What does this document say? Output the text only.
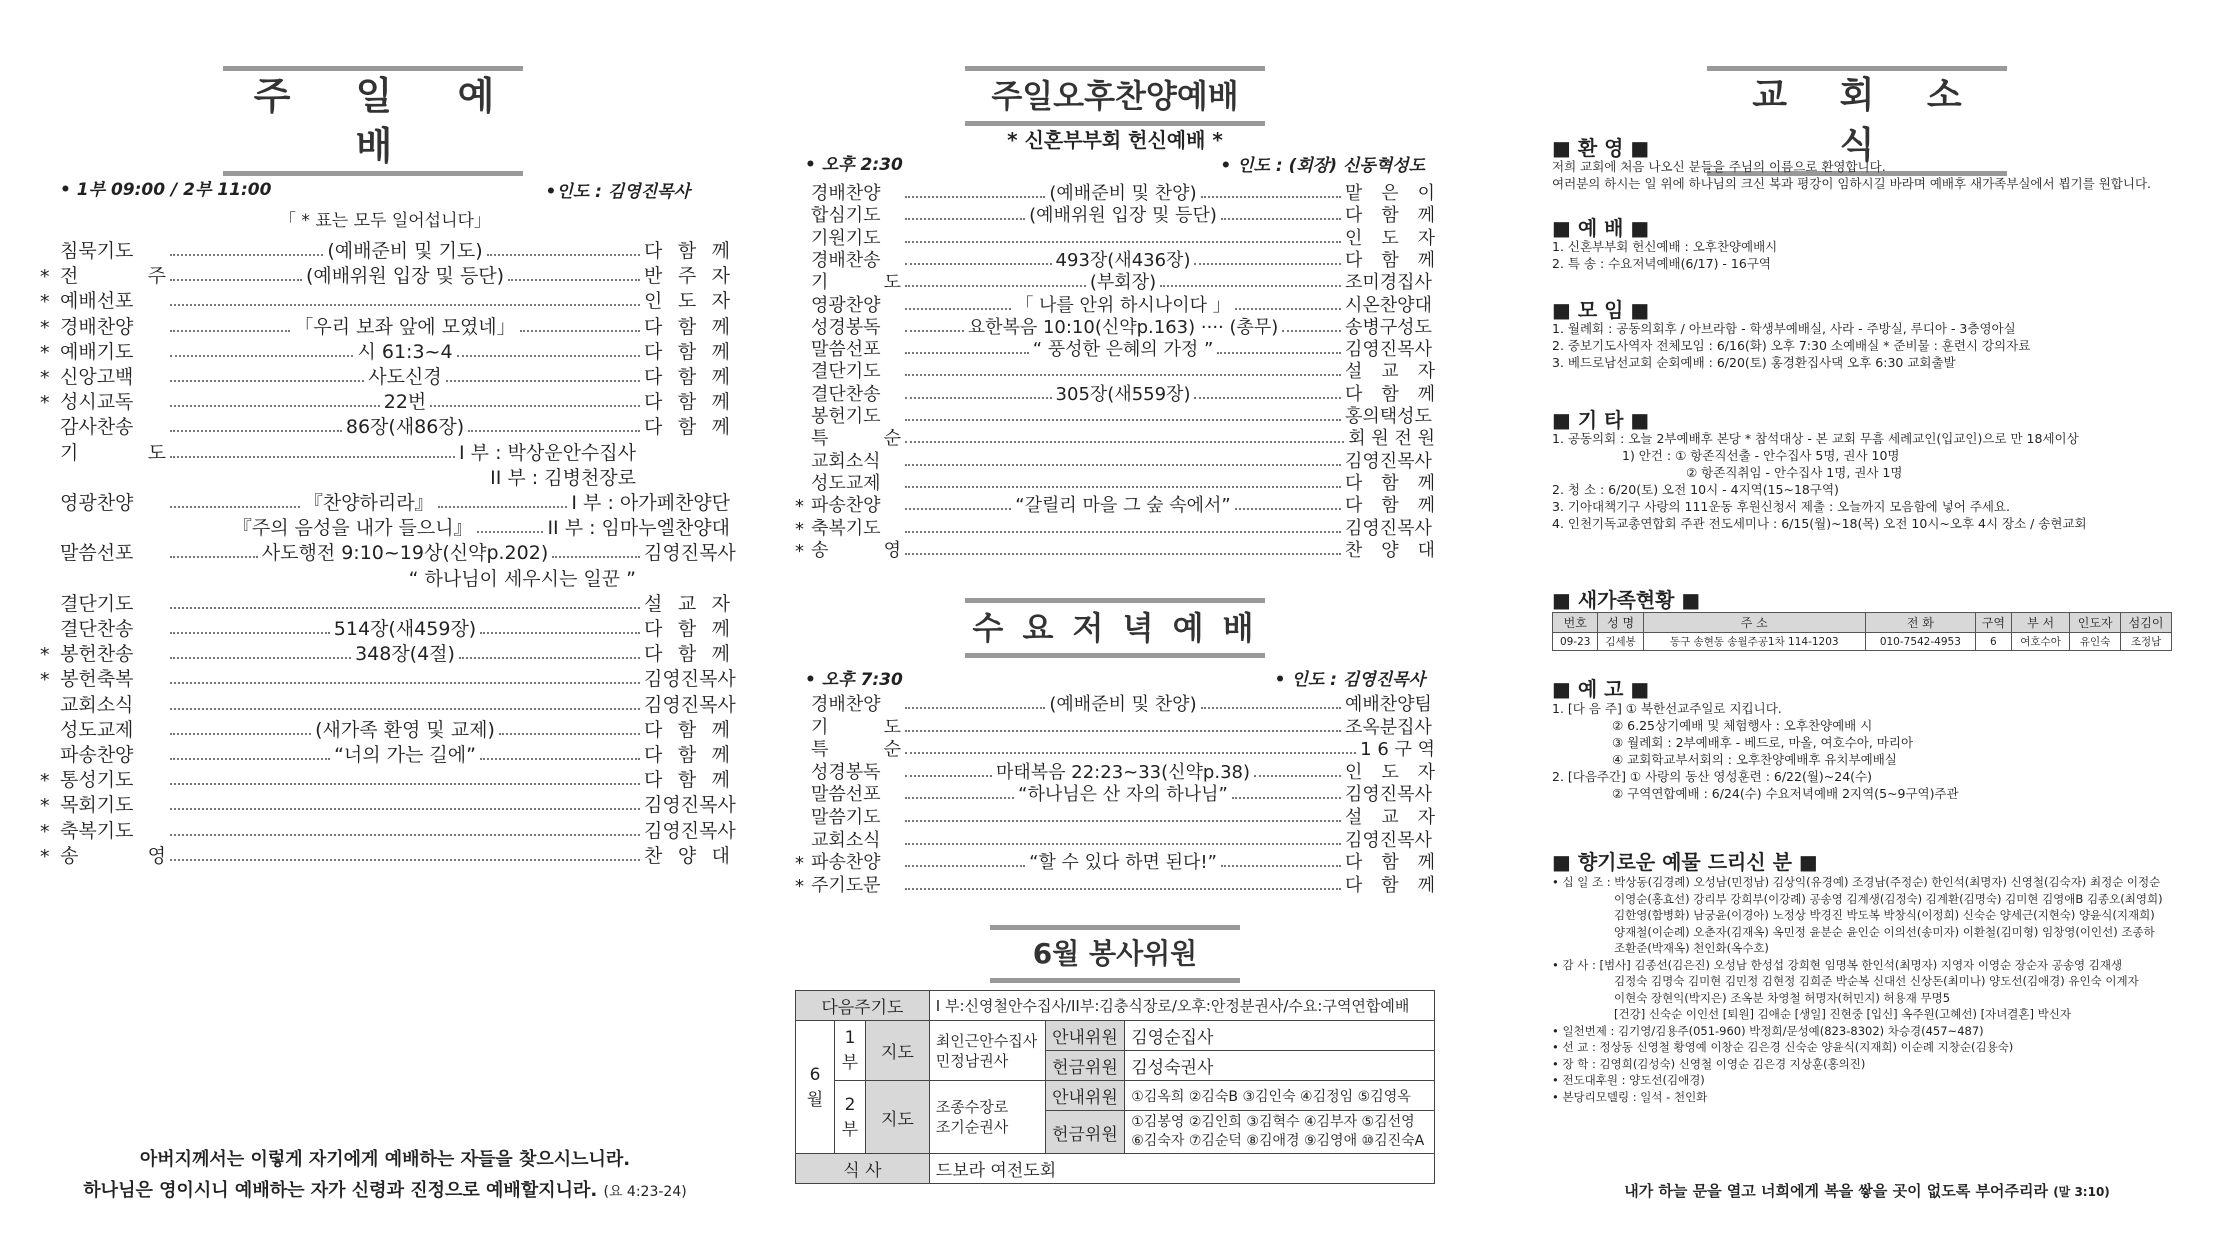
주 일 예 배
• 1부 09:00 / 2부 11:00	•인도 : 김영진목사
「 * 표는 모두 일어섭니다」
침묵기도	(예배준비 및 기도)	다 함 께
* 전 주	(예배위원 입장 및 등단)	반 주 자
* 예배선포	인 도 자
* 경배찬양	「우리 보좌 앞에 모였네」	다 함 께
* 예배기도	시 61:3~4	다 함 께
* 신앙고백	사도신경	다 함 께
* 성시교독	22번	다 함 께
감사찬송	86장(새86장)	다 함 께
기 도	I 부 : 박상운안수집사
II 부 : 김병천장로
영광찬양	『찬양하리라』	I 부 : 아가페찬양단
『주의 음성을 내가 들으니』	II 부 : 임마누엘찬양대
말씀선포	사도행전 9:10~19상(신약p.202)	김영진목사
“ 하나님이 세우시는 일꾼 ”
결단기도	설 교 자
결단찬송	514장(새459장)	다 함 께
* 봉헌찬송	348장(4절)	다 함 께
* 봉헌축복	김영진목사
교회소식	김영진목사
성도교제	(새가족 환영 및 교제)	다 함 께
파송찬양	“너의 가는 길에”	다 함 께
* 통성기도	다 함 께
* 목회기도	김영진목사
* 축복기도	김영진목사
* 송 영	찬 양 대
아버지께서는 이렇게 자기에게 예배하는 자들을 찾으시느니라.
하나님은 영이시니 예배하는 자가 신령과 진정으로 예배할지니라. (요 4:23-24)
주일오후찬양예배
* 신혼부부회 헌신예배 *
• 오후 2:30	• 인도 : (회장) 신동혁성도
경배찬양	(예배준비 및 찬양)	맡 은 이
합심기도	(예배위원 입장 및 등단)	다 함 께
기원기도	인 도 자
경배찬송	493장(새436장)	다 함 께
기 도	(부회장)	조미경집사
영광찬양	「 나를 안위 하시나이다 」	시온찬양대
성경봉독	요한복음 10:10(신약p.163) ···· (총무)	송병구성도
말씀선포	“ 풍성한 은혜의 가정 ”	김영진목사
결단기도	설 교 자
결단찬송	305장(새559장)	다 함 께
봉헌기도	홍의택성도
특 순	회 원 전 원
교회소식	김영진목사
성도교제	다 함 께
* 파송찬양	“갈릴리 마을 그 숲 속에서”	다 함 께
* 축복기도	김영진목사
* 송 영	찬 양 대
수 요 저 녁 예 배
• 오후 7:30	• 인도 : 김영진목사
경배찬양	(예배준비 및 찬양)	예배찬양팀
기 도	조옥분집사
특 순	1 6 구 역
성경봉독	마태복음 22:23~33(신약p.38)	인 도 자
말씀선포	“하나님은 산 자의 하나님”	김영진목사
말씀기도	설 교 자
교회소식	김영진목사
* 파송찬양	“할 수 있다 하면 된다!”	다 함 께
* 주기도문	다 함 께
6월 봉사위원
다음주기도			I 부:신영철안수집사/II부:김충식장로/오후:안정분권사/수요:구역연합예배		
6월	1부	지도	최인근안수집사
민정남권사	안내위원	김영순집사
				헌금위원	김성숙권사
	2부	지도	조종수장로
조기순권사	안내위원	①김옥희 ②김숙B ③김인숙 ④김정임 ⑤김영옥
				헌금위원	①김봉영 ②김인희 ③김혁수 ④김부자 ⑤김선영
⑥김숙자 ⑦김순덕 ⑧김애경 ⑨김영애 ⑩김진숙A

식 사			드보라 여전도회		
교 회 소 식
■ 환 영 ■
저희 교회에 처음 나오신 분들을 주님의 이름으로 환영합니다.
여러분의 하시는 일 위에 하나님의 크신 복과 평강이 임하시길 바라며 예배후 새가족부실에서 뵙기를 원합니다.
■ 예 배 ■
1. 신혼부부회 헌신예배 : 오후찬양예배시
2. 특 송 : 수요저녁예배(6/17) - 16구역
■ 모 임 ■
1. 월례회 : 공동의회후 / 아브라함 - 학생부예배실, 사라 - 주방실, 루디아 - 3층영아실
2. 중보기도사역자 전체모임 : 6/16(화) 오후 7:30 소예배실 * 준비물 : 훈련시 강의자료
3. 베드로남선교회 순회예배 : 6/20(토) 홍경환집사댁 오후 6:30 교회출발
■ 기 타 ■
1. 공동의회 : 오늘 2부예배후 본당 * 참석대상 - 본 교회 무흠 세례교인(입교인)으로 만 18세이상
1) 안건 : ① 항존직선출 - 안수집사 5명, 권사 10명
② 항존직취임 - 안수집사 1명, 권사 1명
2. 청 소 : 6/20(토) 오전 10시 - 4지역(15~18구역)
3. 기아대책기구 사랑의 111운동 후원신청서 제출 : 오늘까지 모음함에 넣어 주세요.
4. 인천기독교총연합회 주관 전도세미나 : 6/15(월)~18(목) 오전 10시~오후 4시 장소 / 송현교회
■ 새가족현황 ■
번호	성 명	주 소	전 화	구역	부 서	인도자	섬김이
09-23	김세봉	동구 송현동 송월주공1차 114-1203	010-7542-4953	6	여호수아	유인숙	조정남
■ 예 고 ■
1. [다 음 주] ① 북한선교주일로 지킵니다.
② 6.25상기예배 및 체험행사 : 오후찬양예배 시
③ 월례회 : 2부예배후 - 베드로, 마올, 여호수아, 마리아
④ 교회학교부서회의 : 오후찬양예배후 유치부예배실
2. [다음주간] ① 사랑의 동산 영성훈련 : 6/22(월)~24(수)
② 구역연합예배 : 6/24(수) 수요저녁예배 2지역(5~9구역)주관
■ 향기로운 예물 드리신 분 ■
• 십 일 조 : 박상동(김경례) 오성남(민정남) 김상익(유경예) 조경남(주정순) 한인석(최명자) 신영철(김숙자) 최정순 이정순
이영순(홍효선) 강리부 강희부(이강례) 공송영 김계생(김정숙) 김계환(김명숙) 김미현 김영애B 김종오(최영희)
김한영(함병화) 남궁윤(이경아) 노정상 박경진 박도복 박창식(이정희) 신숙순 양세근(지현숙) 양윤식(지재희)
양재철(이순례) 오춘자(김재옥) 옥민정 윤분순 윤인순 이의선(송미자) 이환철(김미형) 임창영(이인선) 조종하
조환준(박재옥) 천인화(옥수호)
• 감 사 : [범사] 김종선(김은진) 오성남 한성섭 강희현 임명복 한인석(최명자) 지영자 이영순 장순자 공송영 김재생
김정숙 김명숙 김미현 김민정 김현정 김희준 박순복 신대선 신상돈(최미나) 양도선(김애경) 유인숙 이계자
이현숙 장현익(박지은) 조옥분 차영철 허명자(허민지) 허용재 무명5
[건강] 신숙순 이인선 [퇴원] 김애순 [생일] 진현중 [입신] 옥주원(고혜선) [자녀결혼] 박신자
• 일천번제 : 김기영/김용주(051-960) 박정희/문성예(823-8302) 차승경(457~487)
• 선 교 : 정상동 신영철 황영예 이창순 김은경 신숙순 양윤식(지재희) 이순례 지창순(김용숙)
• 장 학 : 김영희(김성숙) 신영철 이영순 김은경 지상훈(홍의진)
• 전도대후원 : 양도선(김애경)
• 본당리모델링 : 일석 - 천인화
내가 하늘 문을 열고 너희에게 복을 쌓을 곳이 없도록 부어주리라 (말 3:10)
